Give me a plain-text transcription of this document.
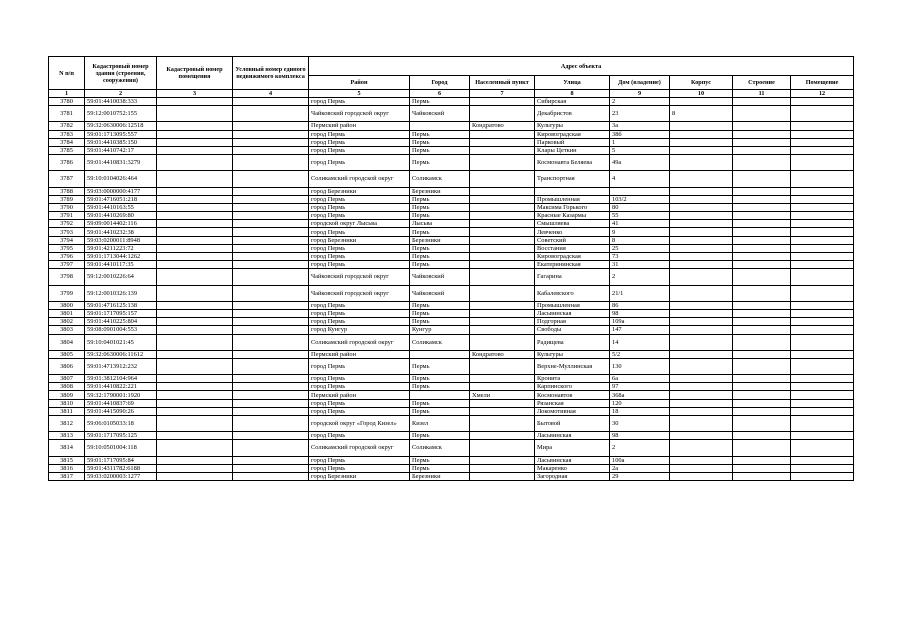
N п/п	Кадастровый номер здания (строения, сооружения)	Кадастровый номер помещения	Условный номер единого недвижимого комплекса	Адрес объекта							
				Район	Город	Населенный пункт	Улица	Дом (владение)	Корпус	Строение	Помещение
1	2	3	4	5	6	7	8	9	10	11	12
3780	59:01:4410038:333			город Пермь	Пермь		Сибирская	2			
3781	59:12:0010752:155			Чайковский городской округ	Чайковский		Декабристов	23	8		
3782	59:32:0630006:12518			Пермский район		Кондратово	Культуры	3а			
3783	59:01:1713095:557			город Пермь	Пермь		Кировоградская	38б			
3784	59:01:4410385:150			город Пермь	Пермь		Парковый	1			
3785	59:01:4410742:17			город Пермь	Пермь		Клары Цеткин	5			
3786	59:01:4410831:3279			город Пермь	Пермь		Космонавта Беляева	49а			
3787	59:10:0104026:464			Соликамский городской округ	Соликамск		Транспортная	4			
3788	59:03:0000000:4177			город Березники	Березники						
3789	59:01:4716051:218			город Пермь	Пермь		Промышленная	103/2			
3790	59:01:4410163:55			город Пермь	Пермь		Максима Горького	80			
3791	59:01:4410269:80			город Пермь	Пермь		Красные Казармы	55			
3792	59:09:0014402:116			городской округ Лысьва	Лысьва		Смышляева	41			
3793	59:01:4410232:38			город Пермь	Пермь		Левченко	9			
3794	59:03:0200011:8948			город Березники	Березники		Советский	8			
3795	59:01:4211223:72			город Пермь	Пермь		Восстания	25			
3796	59:01:1713044:1262			город Пермь	Пермь		Кировоградская	73			
3797	59:01:4410117:35			город Пермь	Пермь		Екатерининская	31			
3798	59:12:0010226:64			Чайковский городской округ	Чайковский		Гагарина	2			
3799	59:12:0010326:139			Чайковский городской округ	Чайковский		Кабалевского	21/1			
3800	59:01:4716125:138			город Пермь	Пермь		Промышленная	86			
3801	59:01:1717095:157			город Пермь	Пермь		Ласьвинская	98			
3802	59:01:4410225:804			город Пермь	Пермь		Подгорная	109а			
3803	59:08:0901004:553			город Кунгур	Кунгур		Свободы	147			
3804	59:10:0401021:45			Соликамский городской округ	Соликамск		Радищева	14			
3805	59:32:0630006:11612			Пермский район		Кондратово	Культуры	5/2			
3806	59:01:4713912:232			город Пермь	Пермь		Верхне-Муллинская	130			
3807	59:01:3812104:964			город Пермь	Пермь		Кронита	6а			
3808	59:01:4410822:221			город Пермь	Пермь		Карпинского	97			
3809	59:32:1790001:1920			Пермский район		Хмели	Космонавтов	368а			
3810	59:01:4410837:69			город Пермь	Пермь		Рязанская	120			
3811	59:01:4415090:26			город Пермь	Пермь		Локомотивная	18			
3812	59:06:0105033:18			городской округ «Город Кизел»	Кизел		Бытовой	30			
3813	59:01:1717095:125			город Пермь	Пермь		Ласьвинская	98			
3814	59:10:0501004:118			Соликамский городской округ	Соликамск		Мира	2			
3815	59:01:1717095:84			город Пермь	Пермь		Ласьвинская	100а			
3816	59:01:4311782:6188			город Пермь	Пермь		Макаренко	2а			
3817	59:03:0200003:1277			город Березники	Березники		Загородная	29			
